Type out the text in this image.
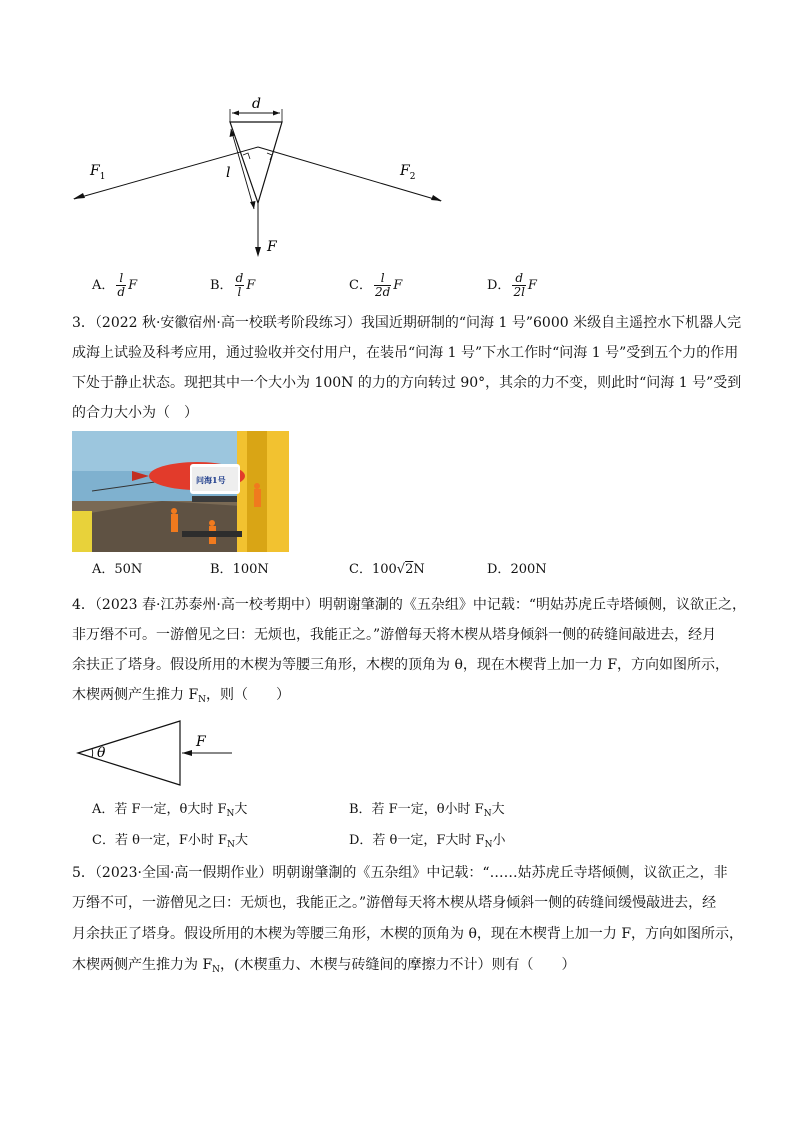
d
l
$F_1$	$F_2$
F
A． $\frac{l}{d}$ F	B． $\frac{d}{l}$ F	C． $\frac{l}{2d}$ F	D． $\frac{d}{2l}$ F
3．（2022 秋·安徽宿州·高一校联考阶段练习）我国近期研制的“问海 1 号”6000 米级自主遥控水下机器人完
成海上试验及科考应用，通过验收并交付用户，在装吊“问海 1 号”下水工作时“问海 1 号”受到五个力的作用
下处于静止状态。现把其中一个大小为 100N 的力的方向转过 90°，其余的力不变，则此时“问海 1 号”受到
的合力大小为（　）
问海1号
A．50N	B．100N	C．100√2N	D．200N
4．（2023 春·江苏泰州·高一校考期中）明朝谢肇淛的《五杂组》中记载：“明姑苏虎丘寺塔倾侧，议欲正之，
非万缗不可。一游僧见之曰：无烦也，我能正之。”游僧每天将木楔从塔身倾斜一侧的砖缝间敲进去，经月
余扶正了塔身。假设所用的木楔为等腰三角形，木楔的顶角为 θ，现在木楔背上加一力 F，方向如图所示，
木楔两侧产生推力 $F_N$，则（　　）
θ
F
A．若 F一定，θ大时 $F_N$大	B．若 F一定，θ小时 $F_N$大
C．若 θ一定，F小时 $F_N$大	D．若 θ一定，F大时 $F_N$小
5．（2023·全国·高一假期作业）明朝谢肇淛的《五杂组》中记载：“……姑苏虎丘寺塔倾侧，议欲正之，非
万缗不可，一游僧见之曰：无烦也，我能正之。”游僧每天将木楔从塔身倾斜一侧的砖缝间缓慢敲进去，经
月余扶正了塔身。假设所用的木楔为等腰三角形，木楔的顶角为 θ，现在木楔背上加一力 F，方向如图所示，
木楔两侧产生推力为 $F_N$，(木楔重力、木楔与砖缝间的摩擦力不计）则有（　　）
